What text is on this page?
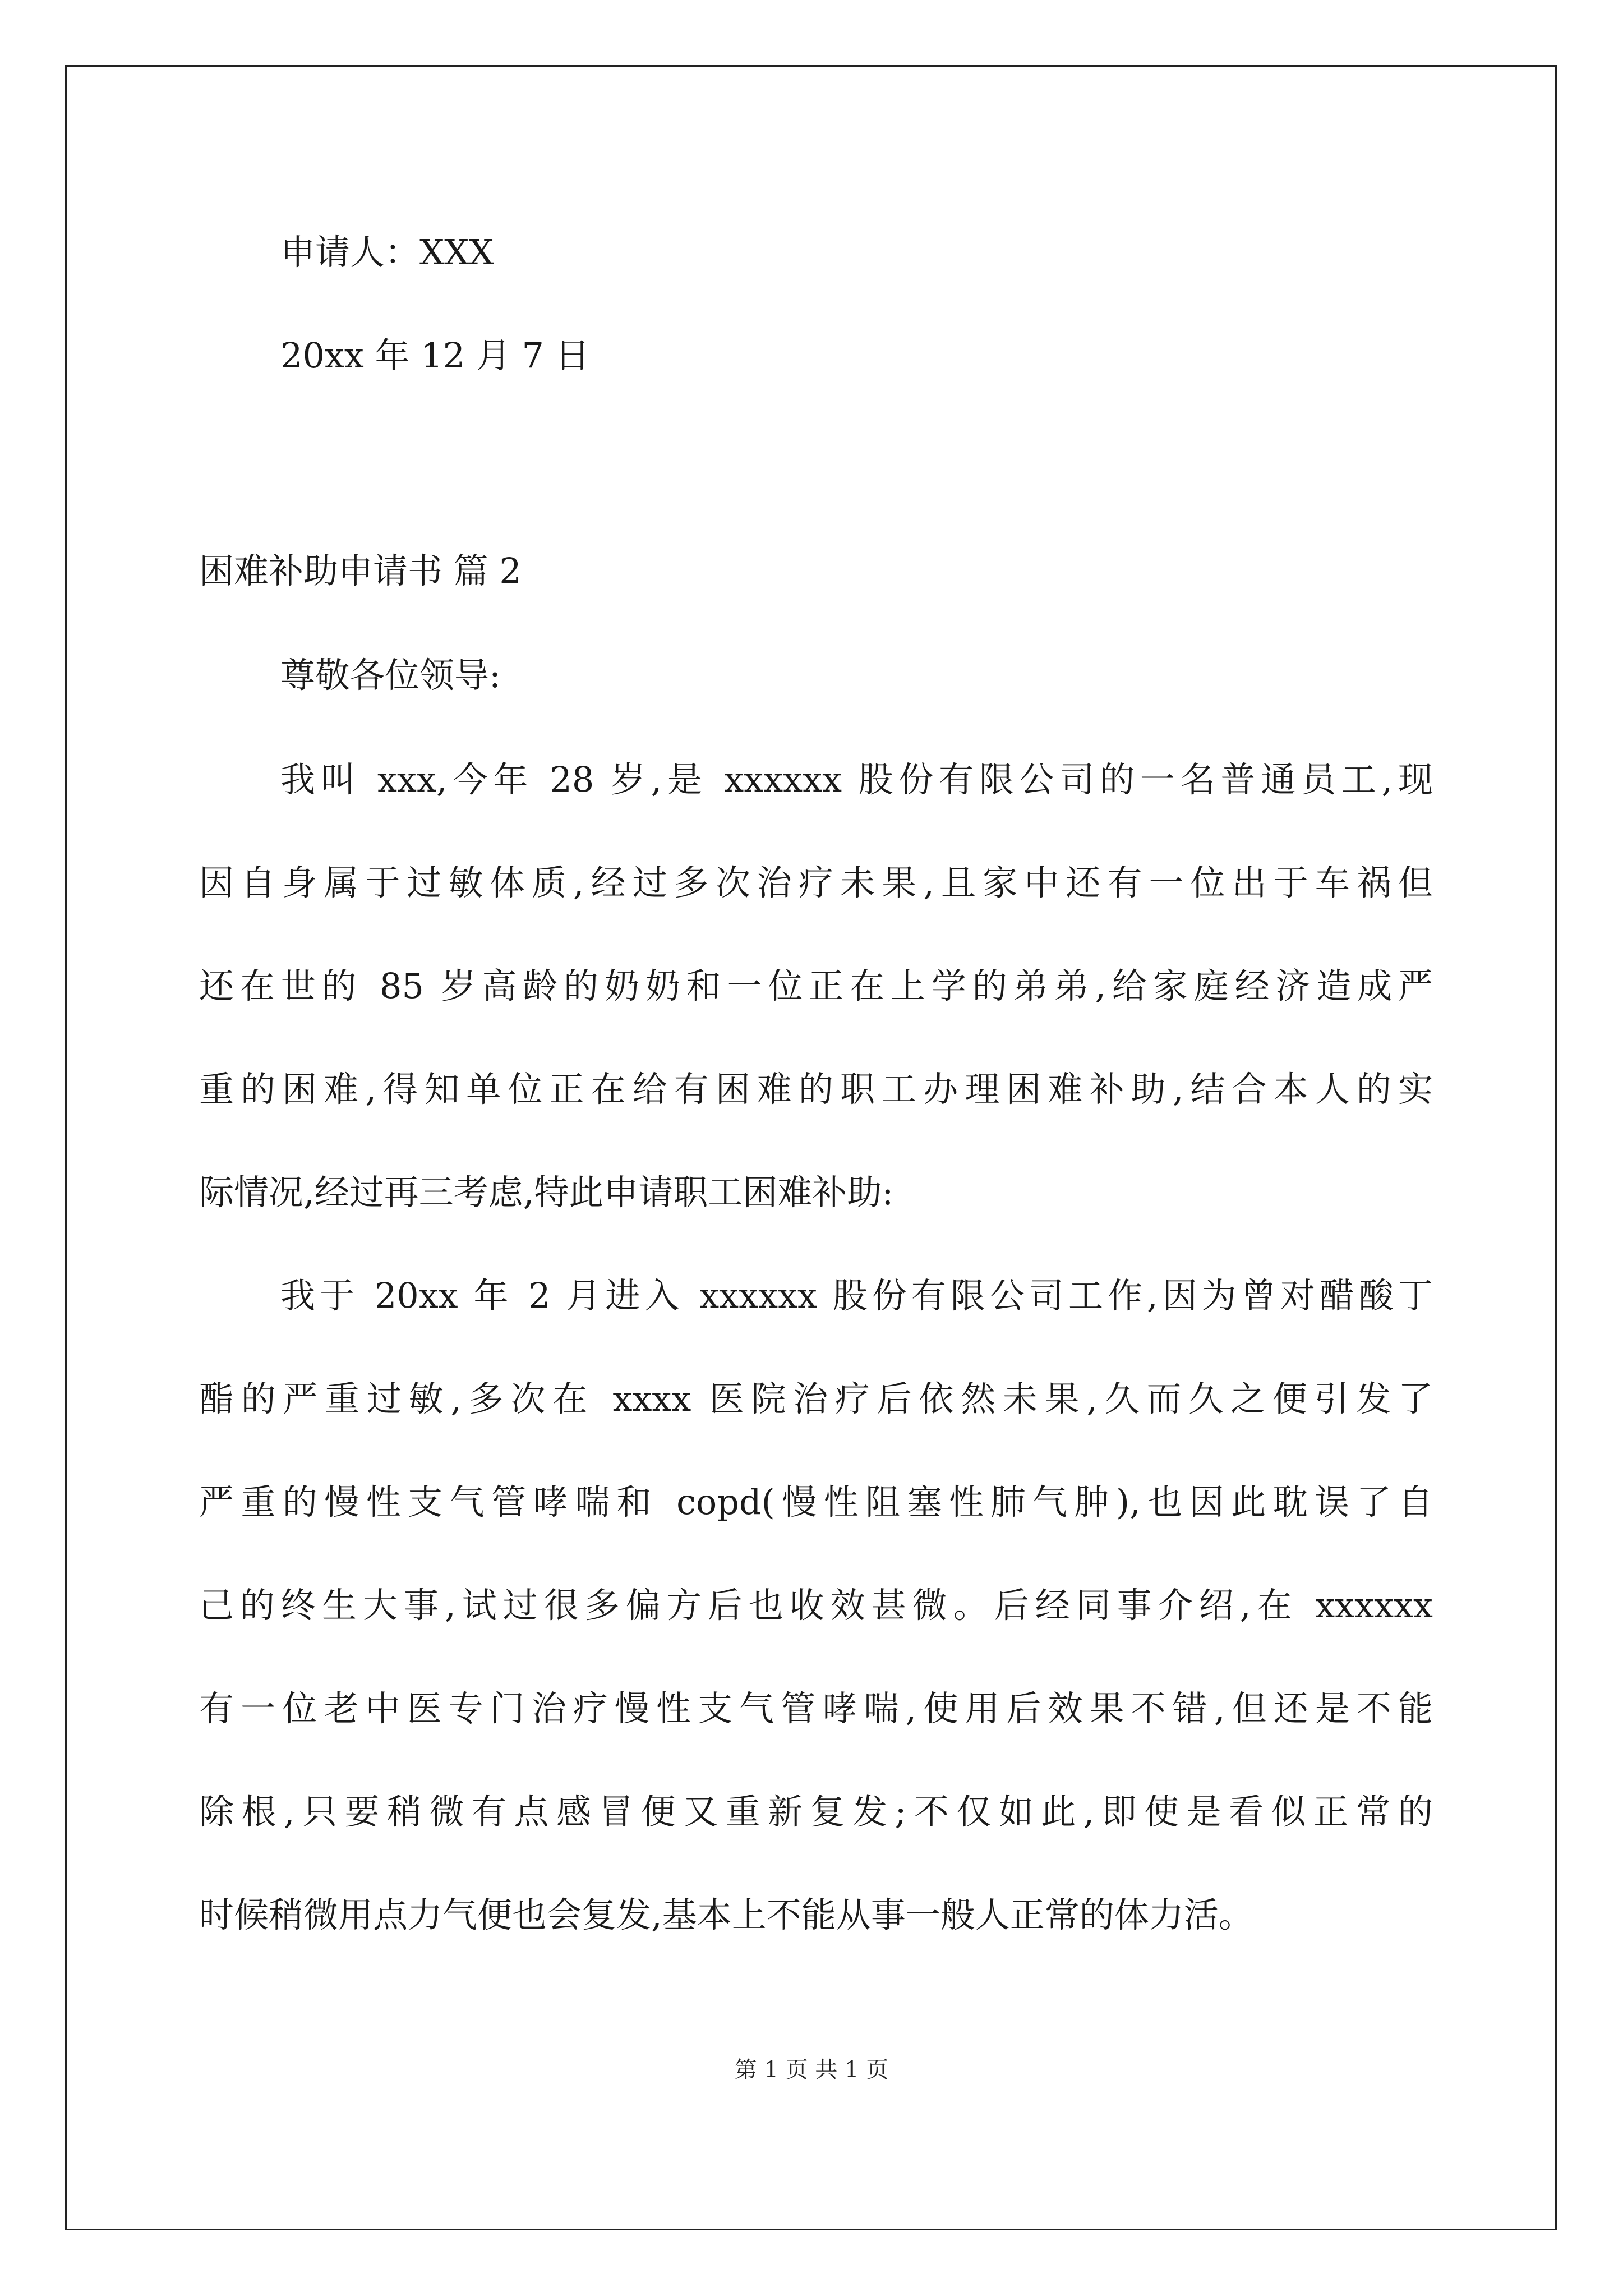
申请人：XXX
20xx 年 12 月 7 日
困难补助申请书 篇 2
尊敬各位领导:
我叫 xxx,今年 28 岁,是 xxxxxx 股份有限公司的一名普通员工,现
因自身属于过敏体质,经过多次治疗未果,且家中还有一位出于车祸但
还在世的 85 岁高龄的奶奶和一位正在上学的弟弟,给家庭经济造成严
重的困难,得知单位正在给有困难的职工办理困难补助,结合本人的实
际情况,经过再三考虑,特此申请职工困难补助:
我于 20xx 年 2 月进入 xxxxxx 股份有限公司工作,因为曾对醋酸丁
酯的严重过敏,多次在 xxxx 医院治疗后依然未果,久而久之便引发了
严重的慢性支气管哮喘和 copd(慢性阻塞性肺气肿),也因此耽误了自
己的终生大事,试过很多偏方后也收效甚微。后经同事介绍,在 xxxxxx
有一位老中医专门治疗慢性支气管哮喘,使用后效果不错,但还是不能
除根,只要稍微有点感冒便又重新复发;不仅如此,即使是看似正常的
时候稍微用点力气便也会复发,基本上不能从事一般人正常的体力活。
第 1 页 共 1 页
